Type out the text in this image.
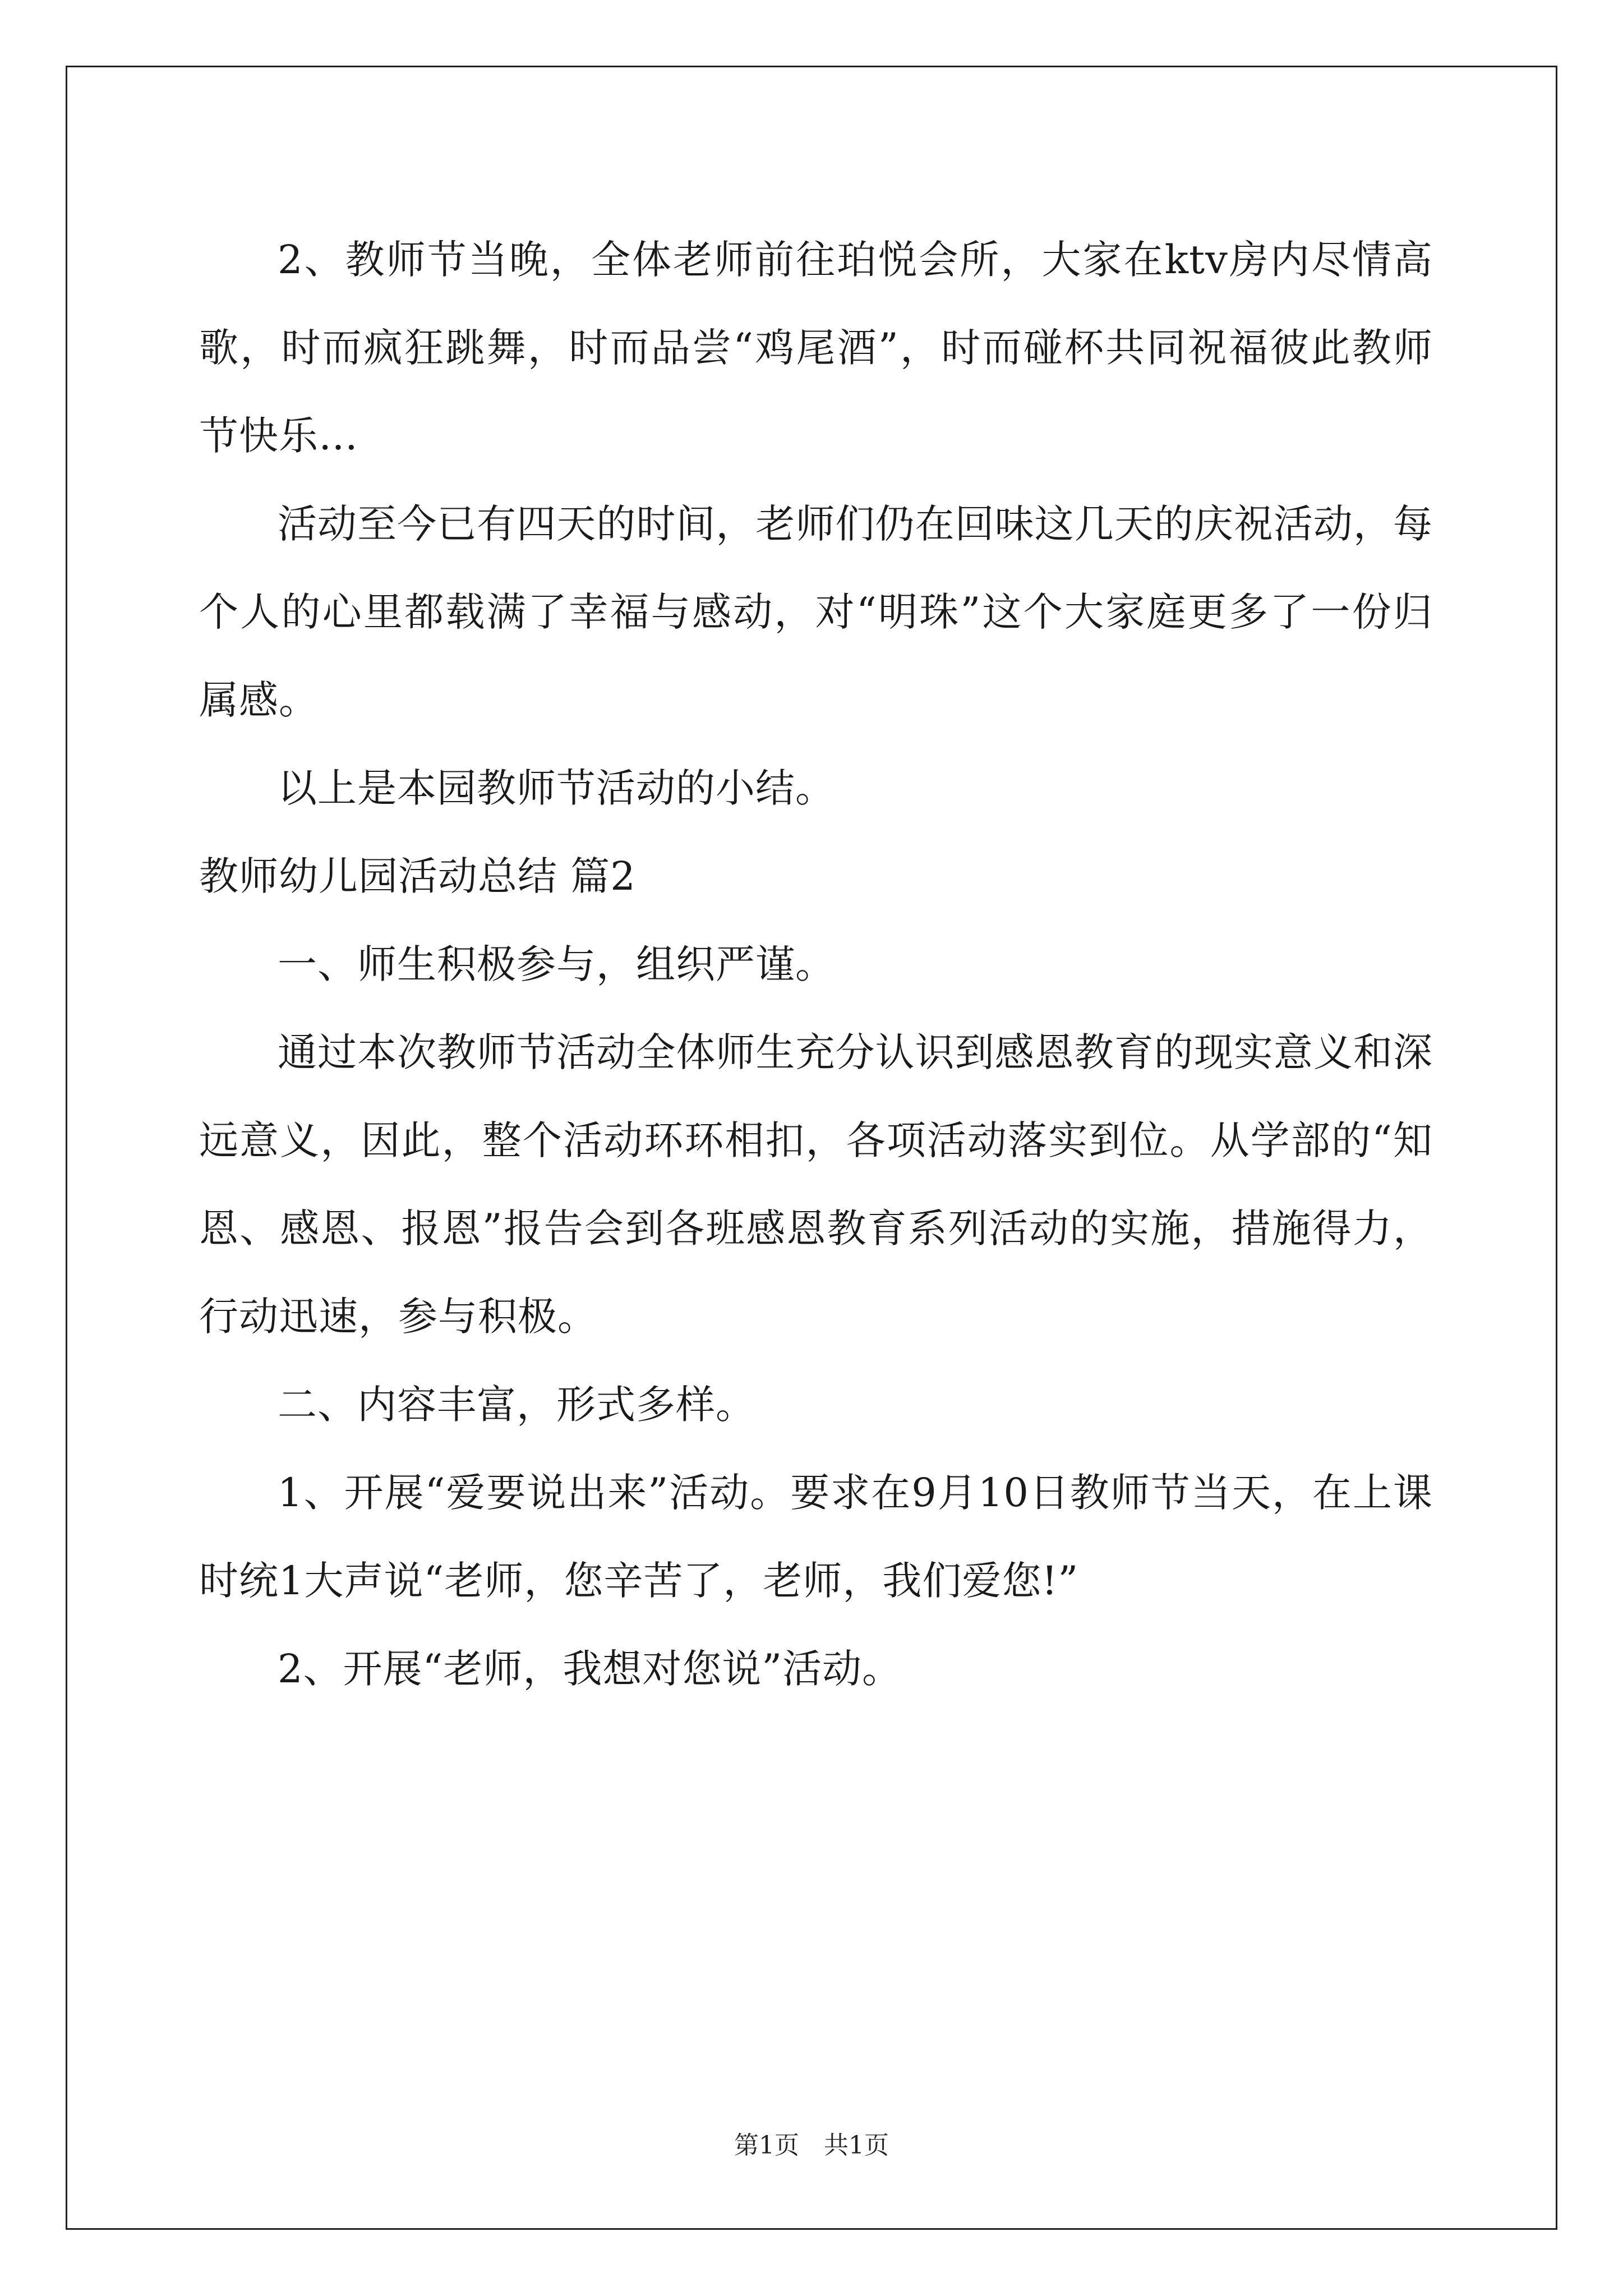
2、教师节当晚，全体老师前往珀悦会所，大家在ktv房内尽情高歌，时而疯狂跳舞，时而品尝“鸡尾酒”，时而碰杯共同祝福彼此教师节快乐…

活动至今已有四天的时间，老师们仍在回味这几天的庆祝活动，每个人的心里都载满了幸福与感动，对“明珠”这个大家庭更多了一份归属感。

以上是本园教师节活动的小结。

教师幼儿园活动总结 篇2

一、师生积极参与，组织严谨。

通过本次教师节活动全体师生充分认识到感恩教育的现实意义和深远意义，因此，整个活动环环相扣，各项活动落实到位。从学部的“知恩、感恩、报恩”报告会到各班感恩教育系列活动的实施，措施得力，行动迅速，参与积极。

二、内容丰富，形式多样。

1、开展“爱要说出来”活动。要求在9月10日教师节当天，在上课时统1大声说“老师，您辛苦了，老师，我们爱您!”

2、开展“老师，我想对您说”活动。

第1页　共1页
